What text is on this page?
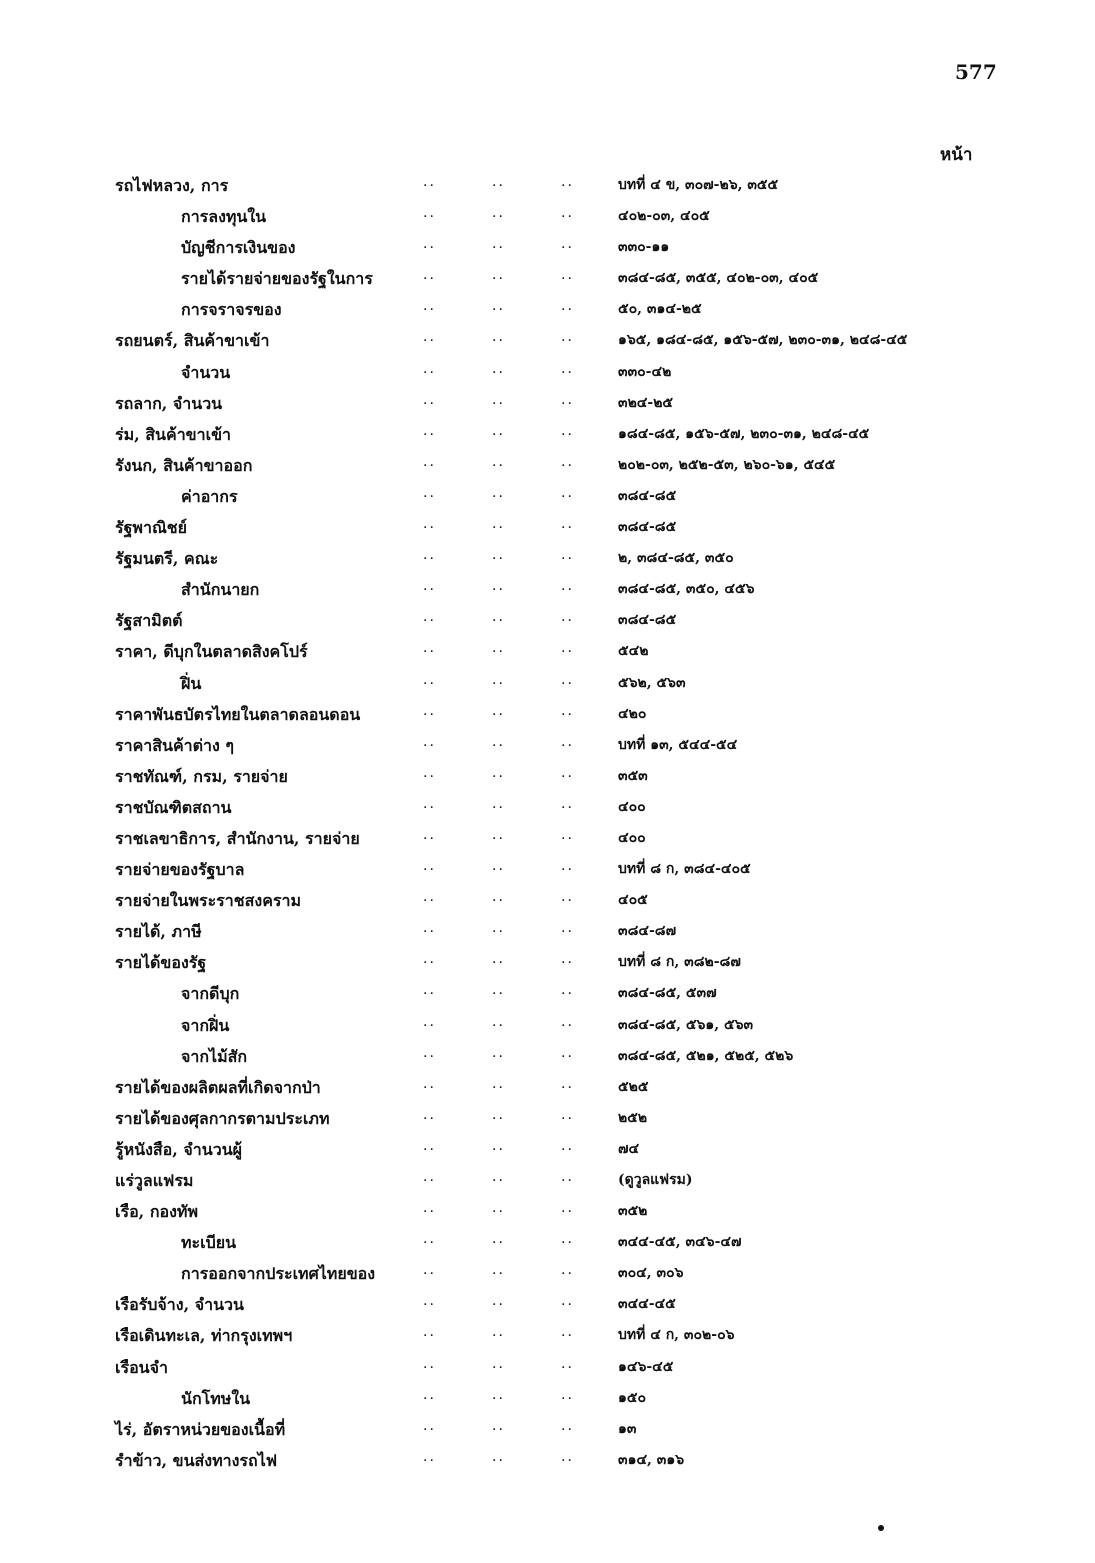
577
หน้า
รถไฟหลวง, การ	..	..	..	บทที่ ๔ ข, ๓๐๗-๒๖, ๓๕๕
การลงทุนใน	..	..	..	๔๐๒-๐๓, ๔๐๕
บัญชีการเงินของ	..	..	..	๓๓๐-๑๑
รายได้รายจ่ายของรัฐในการ	..	..	..	๓๘๔-๘๕, ๓๕๕, ๔๐๒-๐๓, ๔๐๕
การจราจรของ	..	..	..	๕๐, ๓๑๔-๒๕
รถยนตร์, สินค้าขาเข้า	..	..	..	๑๖๕, ๑๘๔-๘๕, ๑๕๖-๕๗, ๒๓๐-๓๑, ๒๔๘-๔๕
จำนวน	..	..	..	๓๓๐-๔๒
รถลาก, จำนวน	..	..	..	๓๒๔-๒๕
ร่ม, สินค้าขาเข้า	..	..	..	๑๘๔-๘๕, ๑๕๖-๕๗, ๒๓๐-๓๑, ๒๔๘-๔๕
รังนก, สินค้าขาออก	..	..	..	๒๐๒-๐๓, ๒๕๒-๕๓, ๒๖๐-๖๑, ๕๔๕
ค่าอากร	..	..	..	๓๘๔-๘๕
รัฐพาณิชย์	..	..	..	๓๘๔-๘๕
รัฐมนตรี, คณะ	..	..	..	๒, ๓๘๔-๘๕, ๓๕๐
สำนักนายก	..	..	..	๓๘๔-๘๕, ๓๕๐, ๔๕๖
รัฐสามิตต์	..	..	..	๓๘๔-๘๕
ราคา, ดีบุกในตลาดสิงคโปร์	..	..	..	๕๔๒
ฝิ่น	..	..	..	๕๖๒, ๕๖๓
ราคาพันธบัตรไทยในตลาดลอนดอน	..	..	..	๔๒๐
ราคาสินค้าต่าง ๆ	..	..	..	บทที่ ๑๓, ๕๔๔-๕๔
ราชทัณฑ์, กรม, รายจ่าย	..	..	..	๓๕๓
ราชบัณฑิตสถาน	..	..	..	๔๐๐
ราชเลขาธิการ, สำนักงาน, รายจ่าย	..	..	..	๔๐๐
รายจ่ายของรัฐบาล	..	..	..	บทที่ ๘ ก, ๓๘๔-๔๐๕
รายจ่ายในพระราชสงคราม	..	..	..	๔๐๕
รายได้, ภาษี	..	..	..	๓๘๔-๘๗
รายได้ของรัฐ	..	..	..	บทที่ ๘ ก, ๓๘๒-๘๗
จากดีบุก	..	..	..	๓๘๔-๘๕, ๕๓๗
จากฝิ่น	..	..	..	๓๘๔-๘๕, ๕๖๑, ๕๖๓
จากไม้สัก	..	..	..	๓๘๔-๘๕, ๕๒๑, ๕๒๕, ๕๒๖
รายได้ของผลิตผลที่เกิดจากป่า	..	..	..	๕๒๕
รายได้ของศุลกากรตามประเภท	..	..	..	๒๕๒
รู้หนังสือ, จำนวนผู้	..	..	..	๗๔
แร่วูลแฟรม	..	..	..	(ดูวูลแฟรม)
เรือ, กองทัพ	..	..	..	๓๕๒
ทะเบียน	..	..	..	๓๔๔-๔๕, ๓๔๖-๔๗
การออกจากประเทศไทยของ	..	..	..	๓๐๔, ๓๐๖
เรือรับจ้าง, จำนวน	..	..	..	๓๔๔-๔๕
เรือเดินทะเล, ท่ากรุงเทพฯ	..	..	..	บทที่ ๔ ก, ๓๐๒-๐๖
เรือนจำ	..	..	..	๑๔๖-๔๕
นักโทษใน	..	..	..	๑๕๐
ไร่, อัตราหน่วยของเนื้อที่	..	..	..	๑๓
รำข้าว, ขนส่งทางรถไฟ	..	..	..	๓๑๔, ๓๑๖
